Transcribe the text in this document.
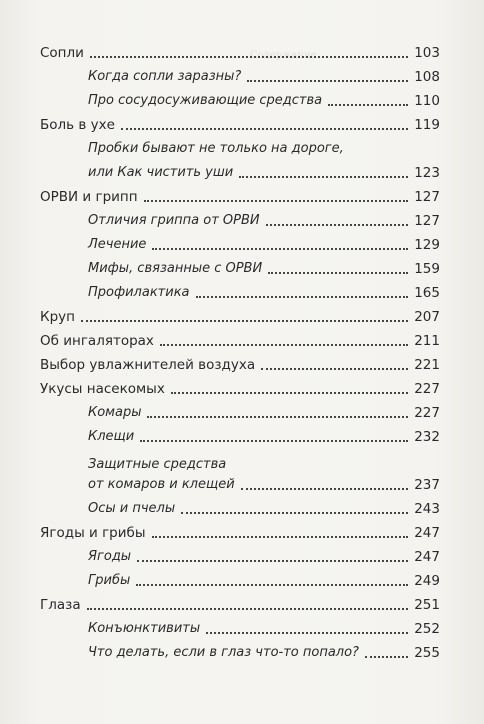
Содержание
Сопли	103
Когда сопли заразны?	108
Про сосудосуживающие средства	110
Боль в ухе	119
Пробки бывают не только на дороге,
или Как чистить уши	123
ОРВИ и грипп	127
Отличия гриппа от ОРВИ	127
Лечение	129
Мифы, связанные с ОРВИ	159
Профилактика	165
Круп	207
Об ингаляторах	211
Выбор увлажнителей воздуха	221
Укусы насекомых	227
Комары	227
Клещи	232
Защитные средства
от комаров и клещей	237
Осы и пчелы	243
Ягоды и грибы	247
Ягоды	247
Грибы	249
Глаза	251
Конъюнктивиты	252
Что делать, если в глаз что-то попало?	255
